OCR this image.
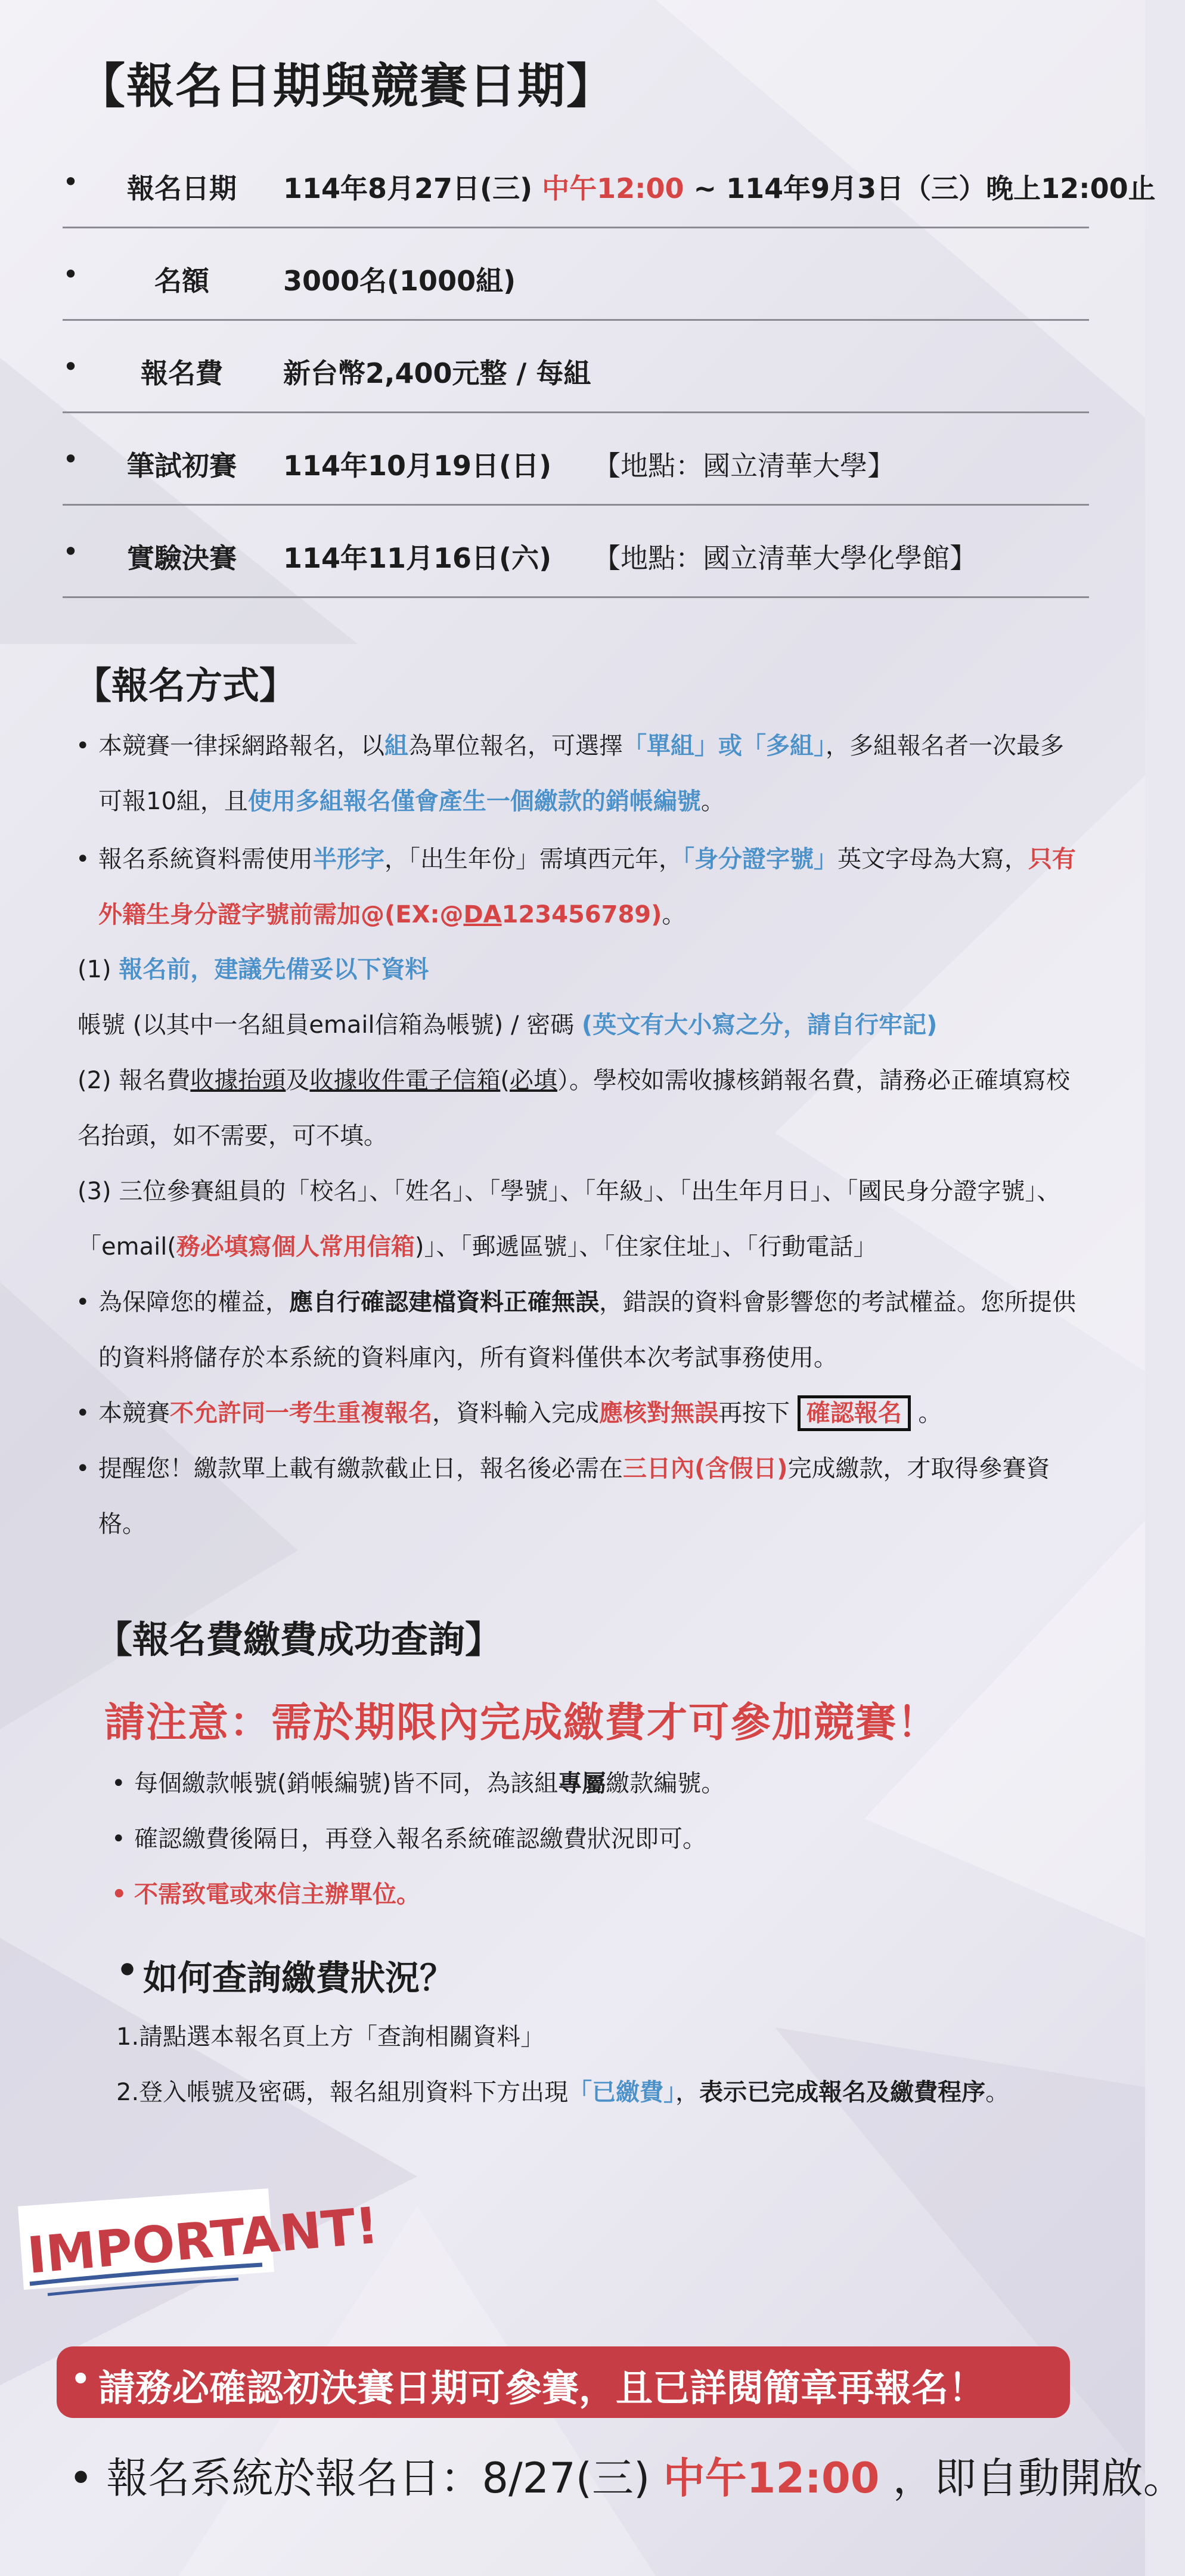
【報名日期與競賽日期】
•	報名日期	114年8月27日(三) 中午12:00 ~ 114年9月3日（三）晚上12:00止
•	名額	3000名(1000組)
•	報名費	新台幣2,400元整 / 每組
•	筆試初賽	114年10月19日(日) 【地點：國立清華大學】
•	實驗決賽	114年11月16日(六) 【地點：國立清華大學化學館】
【報名方式】
• 本競賽一律採網路報名，以組為單位報名，可選擇「單組」或「多組」，多組報名者一次最多可報10組，且使用多組報名僅會產生一個繳款的銷帳編號。
• 報名系統資料需使用半形字，「出生年份」需填西元年，「身分證字號」英文字母為大寫，只有外籍生身分證字號前需加@(EX:@DA123456789)。
(1) 報名前，建議先備妥以下資料
帳號 (以其中一名組員email信箱為帳號) / 密碼 (英文有大小寫之分，請自行牢記)
(2) 報名費收據抬頭及收據收件電子信箱(必填）。學校如需收據核銷報名費，請務必正確填寫校名抬頭，如不需要，可不填。
(3) 三位參賽組員的「校名」、「姓名」、「學號」、「年級」、「出生年月日」、「國民身分證字號」、「email(務必填寫個人常用信箱)」、「郵遞區號」、「住家住址」、「行動電話」
• 為保障您的權益，應自行確認建檔資料正確無誤，錯誤的資料會影響您的考試權益。您所提供的資料將儲存於本系統的資料庫內，所有資料僅供本次考試事務使用。
• 本競賽不允許同一考生重複報名，資料輸入完成應核對無誤再按下 確認報名 。
• 提醒您！繳款單上載有繳款截止日，報名後必需在三日內(含假日)完成繳款，才取得參賽資格。
【報名費繳費成功查詢】
請注意：需於期限內完成繳費才可參加競賽！
• 每個繳款帳號(銷帳編號)皆不同，為該組專屬繳款編號。
• 確認繳費後隔日，再登入報名系統確認繳費狀況即可。
• 不需致電或來信主辦單位。
• 如何查詢繳費狀況？
1.請點選本報名頁上方「查詢相關資料」
2.登入帳號及密碼，報名組別資料下方出現「已繳費」，表示已完成報名及繳費程序。
IMPORTANT!
• 請務必確認初決賽日期可參賽，且已詳閱簡章再報名！
• 報名系統於報名日：8/27(三) 中午12:00 ，即自動開啟。
